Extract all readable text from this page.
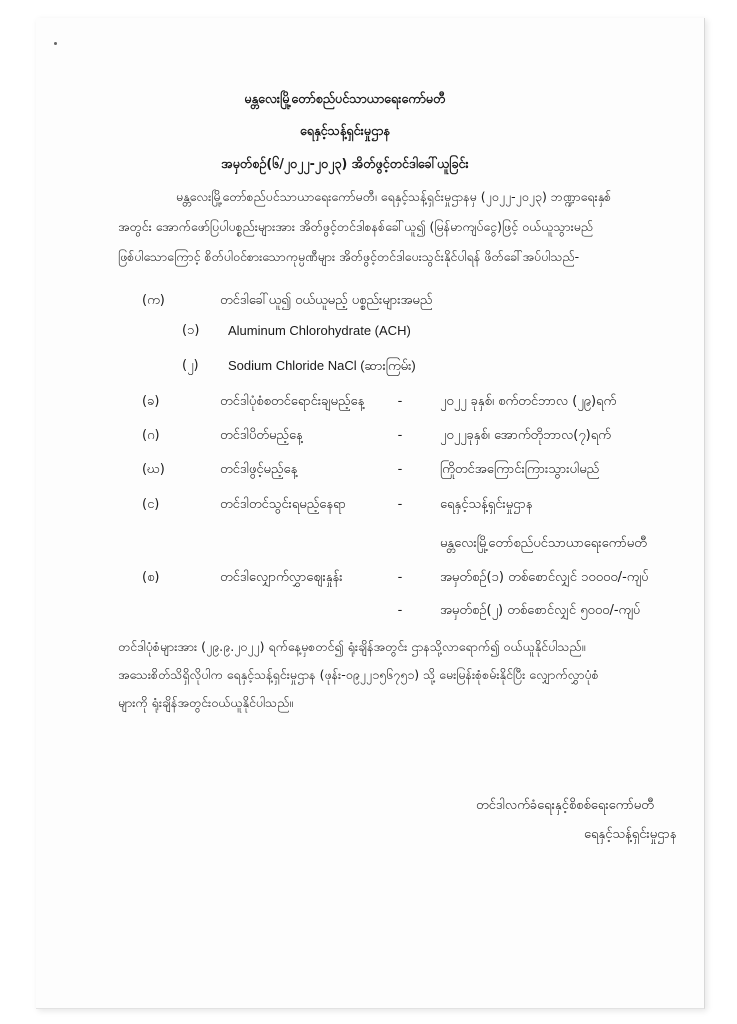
မန္တလေးမြို့တော်စည်ပင်သာယာရေးကော်မတီ
ရေနှင့်သန့်ရှင်းမှုဌာန
အမှတ်စဉ်(၆/၂၀၂၂-၂၀၂၃) အိတ်ဖွင့်တင်ဒါခေါ်ယူခြင်း
မန္တလေးမြို့တော်စည်ပင်သာယာရေးကော်မတီ၊ ရေနှင့်သန့်ရှင်းမှုဌာနမှ (၂၀၂၂-၂၀၂၃) ဘဏ္ဍာရေးနှစ်
အတွင်း အောက်ဖော်ပြပါပစ္စည်းများအား အိတ်ဖွင့်တင်ဒါစနစ်ခေါ်ယူ၍ (မြန်မာကျပ်ငွေ)ဖြင့် ဝယ်ယူသွားမည်
ဖြစ်ပါသောကြောင့် စိတ်ပါဝင်စားသောကုမ္ပဏီများ အိတ်ဖွင့်တင်ဒါပေးသွင်းနိုင်ပါရန် ဖိတ်ခေါ်အပ်ပါသည်-
(က)	တင်ဒါခေါ်ယူ၍ ဝယ်ယူမည့် ပစ္စည်းများအမည်
(၁) Aluminum Chlorohydrate (ACH)
(၂) Sodium Chloride NaCl (ဆားကြမ်း)
(ခ)	တင်ဒါပုံစံစတင်ရောင်းချမည့်နေ့	-	၂၀၂၂ ခုနှစ်၊ စက်တင်ဘာလ (၂၉)ရက်
(ဂ)	တင်ဒါပိတ်မည့်နေ့	-	၂၀၂၂ခုနှစ်၊ အောက်တိုဘာလ(၇)ရက်
(ဃ)	တင်ဒါဖွင့်မည့်နေ့	-	ကြိုတင်အကြောင်းကြားသွားပါမည်
(င)	တင်ဒါတင်သွင်းရမည့်နေရာ	-	ရေနှင့်သန့်ရှင်းမှုဌာန
မန္တလေးမြို့တော်စည်ပင်သာယာရေးကော်မတီ
(စ)	တင်ဒါလျှောက်လွှာဈေးနှုန်း	-	အမှတ်စဉ်(၁) တစ်စောင်လျှင် ၁၀၀၀၀/-ကျပ်
-	အမှတ်စဉ်(၂) တစ်စောင်လျှင် ၅၀၀၀/-ကျပ်
တင်ဒါပုံစံများအား (၂၉.၉.၂၀၂၂) ရက်နေ့မှစတင်၍ ရုံးချိန်အတွင်း ဌာနသို့လာရောက်၍ ဝယ်ယူနိုင်ပါသည်။
အသေးစိတ်သိရှိလိုပါက ရေနှင့်သန့်ရှင်းမှုဌာန (ဖုန်း-၀၉၂၂၁၅၆၇၅၁) သို့ မေးမြန်းစုံစမ်းနိုင်ပြီး လျှောက်လွှာပုံစံ
များကို ရုံးချိန်အတွင်းဝယ်ယူနိုင်ပါသည်။
တင်ဒါလက်ခံရေးနှင့်စိစစ်ရေးကော်မတီ
ရေနှင့်သန့်ရှင်းမှုဌာန
